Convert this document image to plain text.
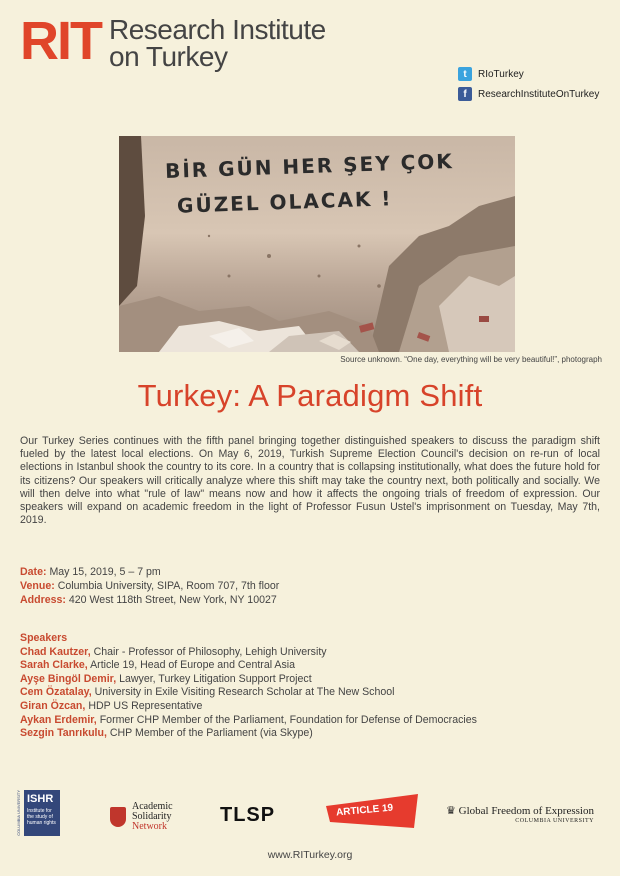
RIT Research Institute
on Turkey
t	RIoTurkey
f	ResearchInstituteOnTurkey
BİR GÜN HER ŞEY ÇOK
GÜZEL OLACAK !
Source unknown. “One day, everything will be very beautiful!”, photograph
Turkey: A Paradigm Shift
Our Turkey Series continues with the fifth panel bringing together distinguished speakers to discuss the paradigm shift fueled by the latest local elections. On May 6, 2019, Turkish Supreme Election Council's decision on re-run of local elections in Istanbul shook the country to its core. In a country that is collapsing institutionally, what does the future hold for its citizens? Our speakers will critically analyze where this shift may take the country next, both politically and socially. We will then delve into what "rule of law" means now and how it affects the ongoing trials of freedom of expression. Our speakers will expand on academic freedom in the light of Professor Fusun Ustel's imprisonment on Tuesday, May 7th, 2019.
Date: May 15, 2019, 5 – 7 pm
Venue: Columbia University, SIPA, Room 707, 7th floor
Address: 420 West 118th Street, New York, NY 10027
Speakers
Chad Kautzer, Chair - Professor of Philosophy, Lehigh University
Sarah Clarke, Article 19, Head of Europe and Central Asia
Ayşe Bingöl Demir, Lawyer, Turkey Litigation Support Project
Cem Özatalay, University in Exile Visiting Research Scholar at The New School
Giran Özcan, HDP US Representative
Aykan Erdemir, Former CHP Member of the Parliament, Foundation for Defense of Democracies
Sezgin Tanrıkulu, CHP Member of the Parliament (via Skype)
ISHR
Institute for the study of human rights
COLUMBIA UNIVERSITY	Academic
Solidarity
Network
TLSP	ARTICLE 19	♛ Global Freedom of Expression
COLUMBIA UNIVERSITY
www.RITurkey.org
